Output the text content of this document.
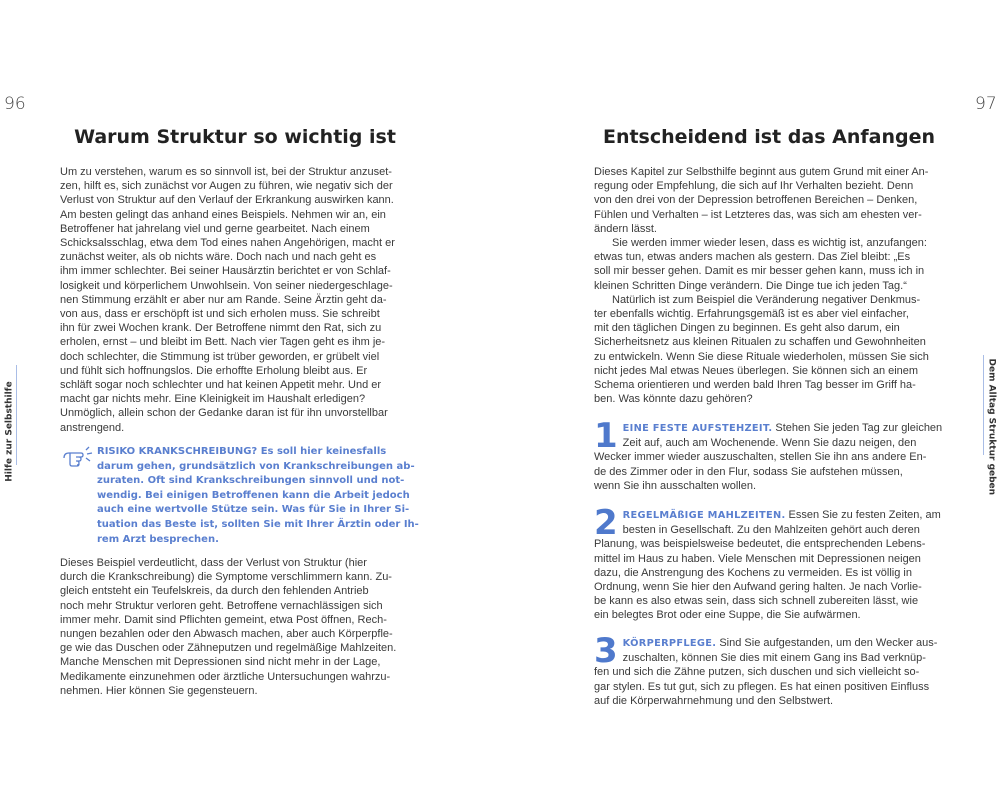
96	97
Hilfe zur Selbsthilfe	Dem Alltag Struktur geben
Warum Struktur so wichtig ist	Entscheidend ist das Anfangen

Um zu verstehen, warum es so sinnvoll ist, bei der Struktur anzuset-
zen, hilft es, sich zunächst vor Augen zu führen, wie negativ sich der
Verlust von Struktur auf den Verlauf der Erkrankung auswirken kann.
Am besten gelingt das anhand eines Beispiels. Nehmen wir an, ein
Betroffener hat jahrelang viel und gerne gearbeitet. Nach einem
Schicksalsschlag, etwa dem Tod eines nahen Angehörigen, macht er
zunächst weiter, als ob nichts wäre. Doch nach und nach geht es
ihm immer schlechter. Bei seiner Hausärztin berichtet er von Schlaf-
losigkeit und körperlichem Unwohlsein. Von seiner niedergeschlage-
nen Stimmung erzählt er aber nur am Rande. Seine Ärztin geht da-
von aus, dass er erschöpft ist und sich erholen muss. Sie schreibt
ihn für zwei Wochen krank. Der Betroffene nimmt den Rat, sich zu
erholen, ernst – und bleibt im Bett. Nach vier Tagen geht es ihm je-
doch schlechter, die Stimmung ist trüber geworden, er grübelt viel
und fühlt sich hoffnungslos. Die erhoffte Erholung bleibt aus. Er
schläft sogar noch schlechter und hat keinen Appetit mehr. Und er
macht gar nichts mehr. Eine Kleinigkeit im Haushalt erledigen?
Unmöglich, allein schon der Gedanke daran ist für ihn unvorstellbar
anstrengend.

RISIKO KRANKSCHREIBUNG? Es soll hier keinesfalls
darum gehen, grundsätzlich von Krankschreibungen ab-
zuraten. Oft sind Krankschreibungen sinnvoll und not-
wendig. Bei einigen Betroffenen kann die Arbeit jedoch
auch eine wertvolle Stütze sein. Was für Sie in Ihrer Si-
tuation das Beste ist, sollten Sie mit Ihrer Ärztin oder Ih-
rem Arzt besprechen.

Dieses Beispiel verdeutlicht, dass der Verlust von Struktur (hier
durch die Krankschreibung) die Symptome verschlimmern kann. Zu-
gleich entsteht ein Teufelskreis, da durch den fehlenden Antrieb
noch mehr Struktur verloren geht. Betroffene vernachlässigen sich
immer mehr. Damit sind Pflichten gemeint, etwa Post öffnen, Rech-
nungen bezahlen oder den Abwasch machen, aber auch Körperpfle-
ge wie das Duschen oder Zähneputzen und regelmäßige Mahlzeiten.
Manche Menschen mit Depressionen sind nicht mehr in der Lage,
Medikamente einzunehmen oder ärztliche Untersuchungen wahrzu-
nehmen. Hier können Sie gegensteuern.

Dieses Kapitel zur Selbsthilfe beginnt aus gutem Grund mit einer An-
regung oder Empfehlung, die sich auf Ihr Verhalten bezieht. Denn
von den drei von der Depression betroffenen Bereichen – Denken,
Fühlen und Verhalten – ist Letzteres das, was sich am ehesten ver-
ändern lässt.

Sie werden immer wieder lesen, dass es wichtig ist, anzufangen:
etwas tun, etwas anders machen als gestern. Das Ziel bleibt: „Es
soll mir besser gehen. Damit es mir besser gehen kann, muss ich in
kleinen Schritten Dinge verändern. Die Dinge tue ich jeden Tag.“

Natürlich ist zum Beispiel die Veränderung negativer Denkmus-
ter ebenfalls wichtig. Erfahrungsgemäß ist es aber viel einfacher,
mit den täglichen Dingen zu beginnen. Es geht also darum, ein
Sicherheitsnetz aus kleinen Ritualen zu schaffen und Gewohnheiten
zu entwickeln. Wenn Sie diese Rituale wiederholen, müssen Sie sich
nicht jedes Mal etwas Neues überlegen. Sie können sich an einem
Schema orientieren und werden bald Ihren Tag besser im Griff ha-
ben. Was könnte dazu gehören?

1 EINE FESTE AUFSTEHZEIT. Stehen Sie jeden Tag zur gleichen
Zeit auf, auch am Wochenende. Wenn Sie dazu neigen, den
Wecker immer wieder auszuschalten, stellen Sie ihn ans andere En-
de des Zimmer oder in den Flur, sodass Sie aufstehen müssen,
wenn Sie ihn ausschalten wollen.
2 REGELMÄßIGE MAHLZEITEN. Essen Sie zu festen Zeiten, am
besten in Gesellschaft. Zu den Mahlzeiten gehört auch deren
Planung, was beispielsweise bedeutet, die entsprechenden Lebens-
mittel im Haus zu haben. Viele Menschen mit Depressionen neigen
dazu, die Anstrengung des Kochens zu vermeiden. Es ist völlig in
Ordnung, wenn Sie hier den Aufwand gering halten. Je nach Vorlie-
be kann es also etwas sein, dass sich schnell zubereiten lässt, wie
ein belegtes Brot oder eine Suppe, die Sie aufwärmen.
3 KÖRPERPFLEGE. Sind Sie aufgestanden, um den Wecker aus-
zuschalten, können Sie dies mit einem Gang ins Bad verknüp-
fen und sich die Zähne putzen, sich duschen und sich vielleicht so-
gar stylen. Es tut gut, sich zu pflegen. Es hat einen positiven Einfluss
auf die Körperwahrnehmung und den Selbstwert.
